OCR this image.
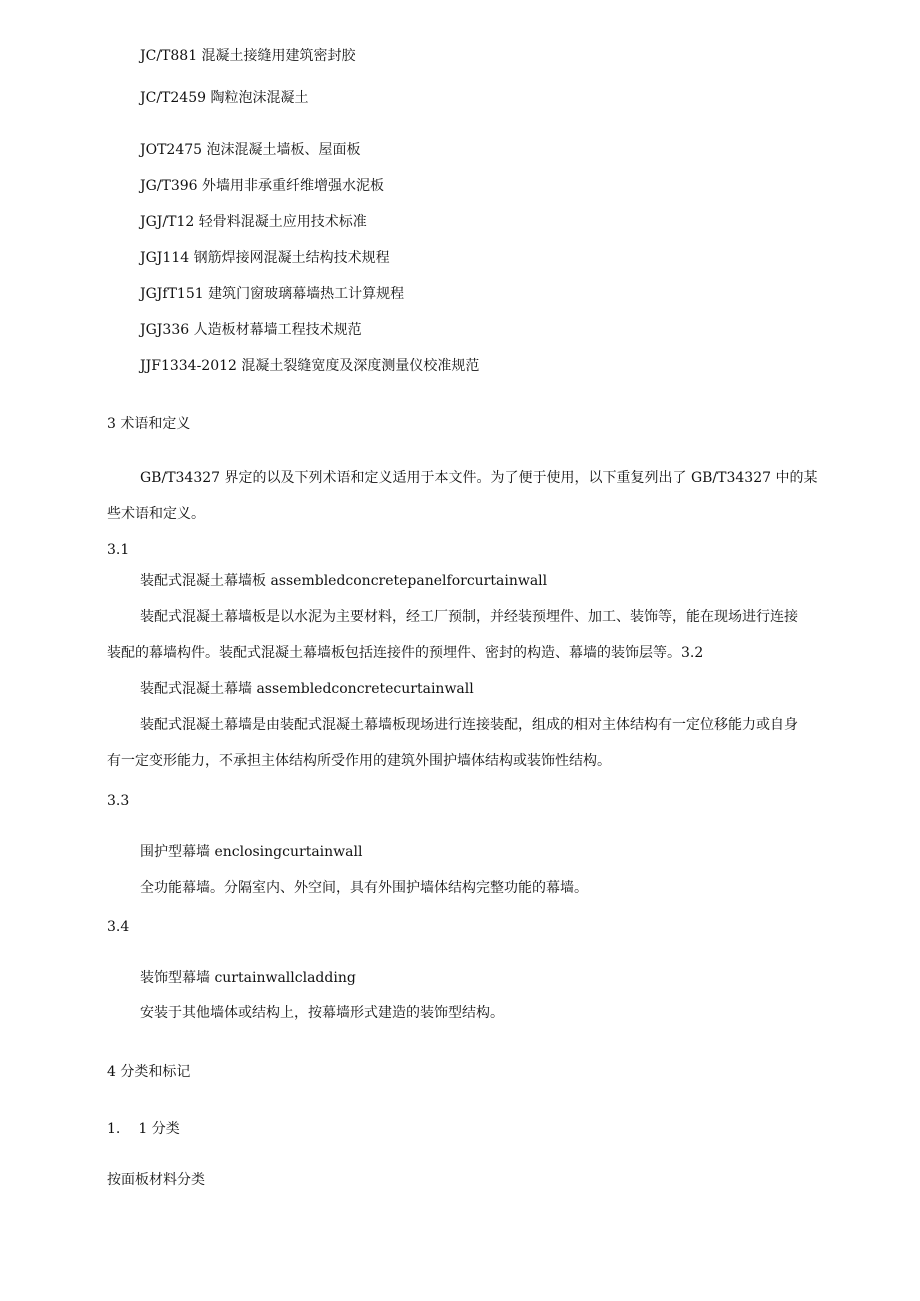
JC/T881 混凝土接缝用建筑密封胶

JC/T2459 陶粒泡沫混凝土

JOT2475 泡沫混凝土墙板、屋面板

JG/T396 外墙用非承重纤维增强水泥板

JGJ/T12 轻骨料混凝土应用技术标准

JGJ114 钢筋焊接网混凝土结构技术规程

JGJfT151 建筑门窗玻璃幕墙热工计算规程

JGJ336 人造板材幕墙工程技术规范

JJF1334-2012 混凝土裂缝宽度及深度测量仪校准规范

3 术语和定义

GB/T34327 界定的以及下列术语和定义适用于本文件。为了便于使用，以下重复列出了 GB/T34327 中的某
些术语和定义。

3.1

装配式混凝土幕墙板 assembledconcretepanelforcurtainwall

装配式混凝土幕墙板是以水泥为主要材料，经工厂预制，并经装预埋件、加工、装饰等，能在现场进行连接
装配的幕墙构件。装配式混凝土幕墙板包括连接件的预埋件、密封的构造、幕墙的装饰层等。3.2

装配式混凝土幕墙 assembledconcretecurtainwall

装配式混凝土幕墙是由装配式混凝土幕墙板现场进行连接装配，组成的相对主体结构有一定位移能力或自身
有一定变形能力，不承担主体结构所受作用的建筑外围护墙体结构或装饰性结构。

3.3

围护型幕墙 enclosingcurtainwall

全功能幕墙。分隔室内、外空间，具有外围护墙体结构完整功能的幕墙。

3.4

装饰型幕墙 curtainwallcladding

安装于其他墙体或结构上，按幕墙形式建造的装饰型结构。

4 分类和标记

1. 1 分类

按面板材料分类
